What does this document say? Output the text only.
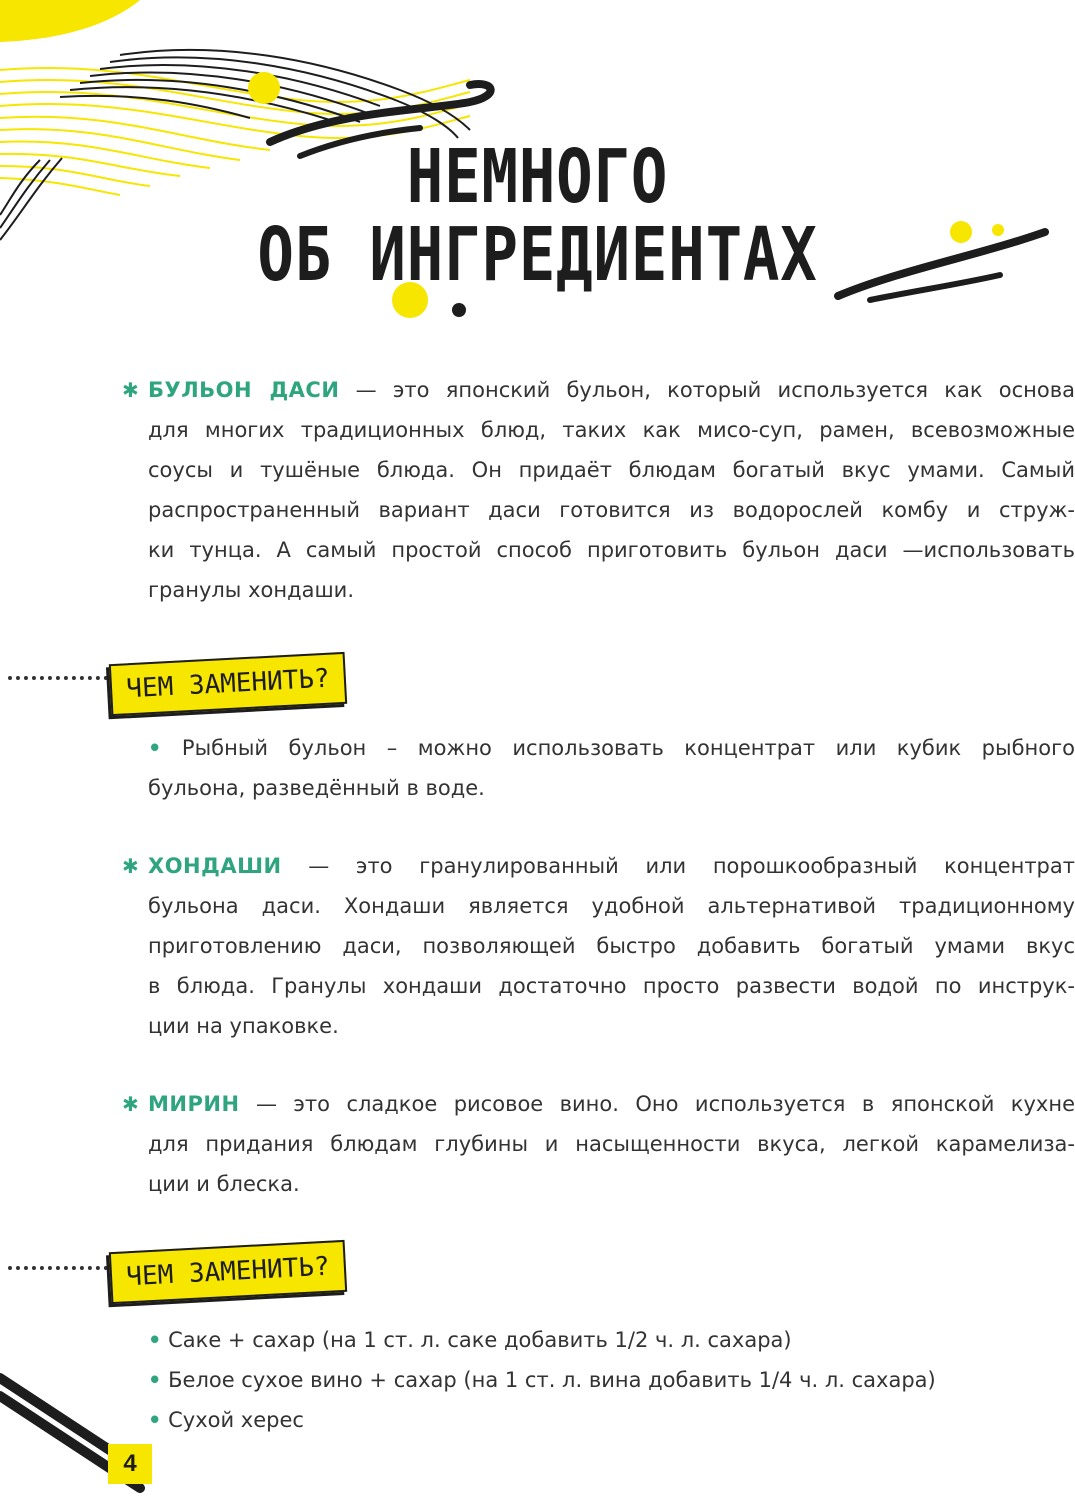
НЕМНОГО
ОБ ИНГРЕДИЕНТАХ
✱ БУЛЬОН ДАСИ — это японский бульон, который используется как основа
для многих традиционных блюд, таких как мисо-суп, рамен, всевозможные
соусы и тушёные блюда. Он придаёт блюдам богатый вкус умами. Самый
распространенный вариант даси готовится из водорослей комбу и струж-
ки тунца. А самый простой способ приготовить бульон даси —использовать
гранулы хондаши.
ЧЕМ ЗАМЕНИТЬ?
• Рыбный бульон – можно использовать концентрат или кубик рыбного
бульона, разведённый в воде.
✱ ХОНДАШИ — это гранулированный или порошкообразный концентрат
бульона даси. Хондаши является удобной альтернативой традиционному
приготовлению даси, позволяющей быстро добавить богатый умами вкус
в блюда. Гранулы хондаши достаточно просто развести водой по инструк-
ции на упаковке.
✱ МИРИН — это сладкое рисовое вино. Оно используется в японской кухне
для придания блюдам глубины и насыщенности вкуса, легкой карамелиза-
ции и блеска.
ЧЕМ ЗАМЕНИТЬ?
• Саке + сахар (на 1 ст. л. саке добавить 1/2 ч. л. сахара)
• Белое сухое вино + сахар (на 1 ст. л. вина добавить 1/4 ч. л. сахара)
• Сухой херес
4
